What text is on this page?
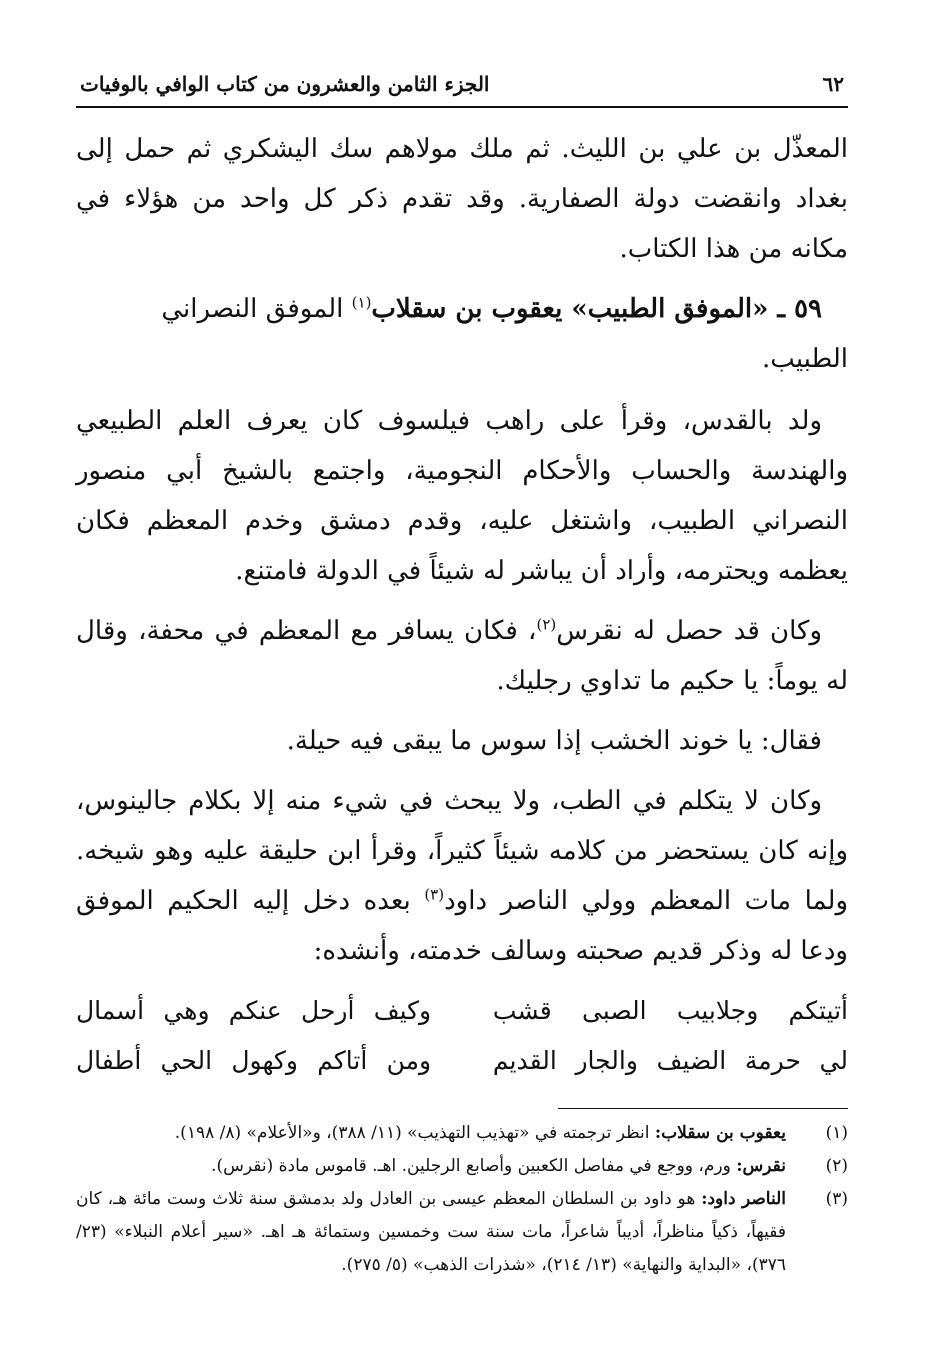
٦٢
الجزء الثامن والعشرون من كتاب الوافي بالوفيات

المعذّل بن علي بن الليث. ثم ملك مولاهم سك اليشكري ثم حمل إلى بغداد وانقضت دولة الصفارية. وقد تقدم ذكر كل واحد من هؤلاء في مكانه من هذا الكتاب.

٥٩ ـ «الموفق الطبيب» يعقوب بن سقلاب$^{(١)}$ الموفق النصراني الطبيب.

ولد بالقدس، وقرأ على راهب فيلسوف كان يعرف العلم الطبيعي والهندسة والحساب والأحكام النجومية، واجتمع بالشيخ أبي منصور النصراني الطبيب، واشتغل عليه، وقدم دمشق وخدم المعظم فكان يعظمه ويحترمه، وأراد أن يباشر له شيئاً في الدولة فامتنع.

وكان قد حصل له نقرس$^{(٢)}$، فكان يسافر مع المعظم في محفة، وقال له يوماً: يا حكيم ما تداوي رجليك.

فقال: يا خوند الخشب إذا سوس ما يبقى فيه حيلة.

وكان لا يتكلم في الطب، ولا يبحث في شيء منه إلا بكلام جالينوس، وإنه كان يستحضر من كلامه شيئاً كثيراً، وقرأ ابن حليقة عليه وهو شيخه. ولما مات المعظم وولي الناصر داود$^{(٣)}$ بعده دخل إليه الحكيم الموفق ودعا له وذكر قديم صحبته وسالف خدمته، وأنشده:

أتيتكم وجلابيب الصبى قشب
وكيف أرحل عنكم وهي أسمال
لي حرمة الضيف والجار القديم
ومن أتاكم وكهول الحي أطفال
(١)
يعقوب بن سقلاب: انظر ترجمته في «تهذيب التهذيب» (١١/ ٣٨٨)، و«الأعلام» (٨/ ١٩٨).
(٢)
نقرس: ورم، ووجع في مفاصل الكعبين وأصابع الرجلين. اهـ. قاموس مادة (نقرس).
(٣)
الناصر داود: هو داود بن السلطان المعظم عيسى بن العادل ولد بدمشق سنة ثلاث وست مائة هـ، كان فقيهاً، ذكياً مناظراً، أديباً شاعراً، مات سنة ست وخمسين وستمائة هـ اهـ. «سير أعلام النبلاء» (٢٣/ ٣٧٦)، «البداية والنهاية» (١٣/ ٢١٤)، «شذرات الذهب» (٥/ ٢٧٥).
